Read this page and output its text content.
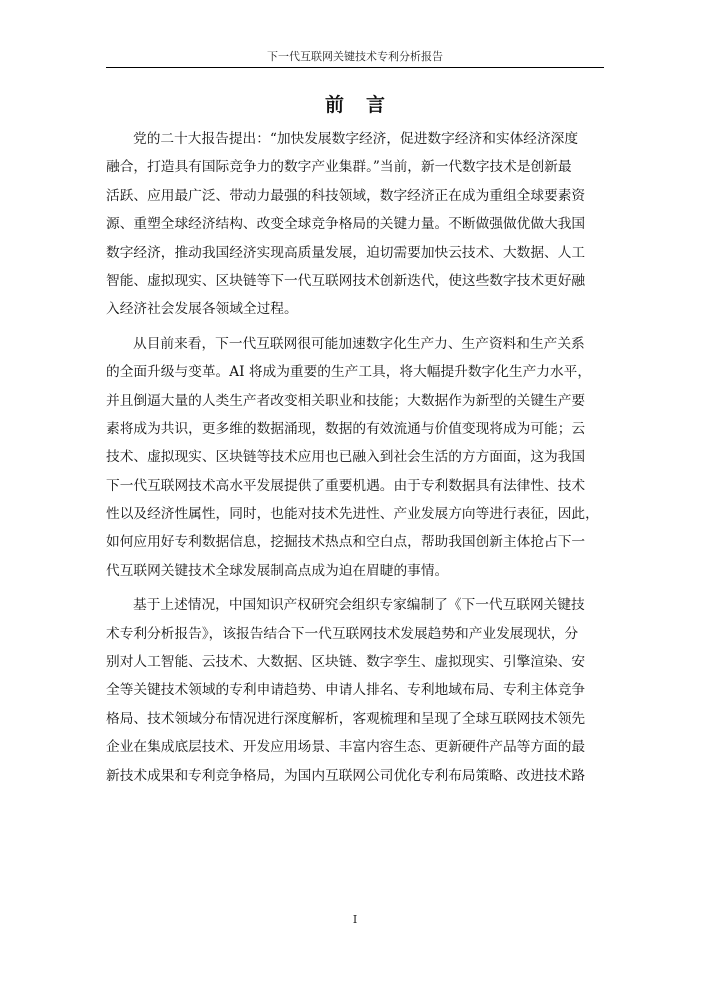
下一代互联网关键技术专利分析报告
前言
党的二十大报告提出：“加快发展数字经济，促进数字经济和实体经济深度
融合，打造具有国际竞争力的数字产业集群。”当前，新一代数字技术是创新最
活跃、应用最广泛、带动力最强的科技领域，数字经济正在成为重组全球要素资
源、重塑全球经济结构、改变全球竞争格局的关键力量。不断做强做优做大我国
数字经济，推动我国经济实现高质量发展，迫切需要加快云技术、大数据、人工
智能、虚拟现实、区块链等下一代互联网技术创新迭代，使这些数字技术更好融
入经济社会发展各领域全过程。
从目前来看，下一代互联网很可能加速数字化生产力、生产资料和生产关系
的全面升级与变革。AI 将成为重要的生产工具，将大幅提升数字化生产力水平，
并且倒逼大量的人类生产者改变相关职业和技能；大数据作为新型的关键生产要
素将成为共识，更多维的数据涌现，数据的有效流通与价值变现将成为可能；云
技术、虚拟现实、区块链等技术应用也已融入到社会生活的方方面面，这为我国
下一代互联网技术高水平发展提供了重要机遇。由于专利数据具有法律性、技术
性以及经济性属性，同时，也能对技术先进性、产业发展方向等进行表征，因此，
如何应用好专利数据信息，挖掘技术热点和空白点，帮助我国创新主体抢占下一
代互联网关键技术全球发展制高点成为迫在眉睫的事情。
基于上述情况，中国知识产权研究会组织专家编制了《下一代互联网关键技
术专利分析报告》，该报告结合下一代互联网技术发展趋势和产业发展现状，分
别对人工智能、云技术、大数据、区块链、数字孪生、虚拟现实、引擎渲染、安
全等关键技术领域的专利申请趋势、申请人排名、专利地域布局、专利主体竞争
格局、技术领域分布情况进行深度解析，客观梳理和呈现了全球互联网技术领先
企业在集成底层技术、开发应用场景、丰富内容生态、更新硬件产品等方面的最
新技术成果和专利竞争格局，为国内互联网公司优化专利布局策略、改进技术路
I
